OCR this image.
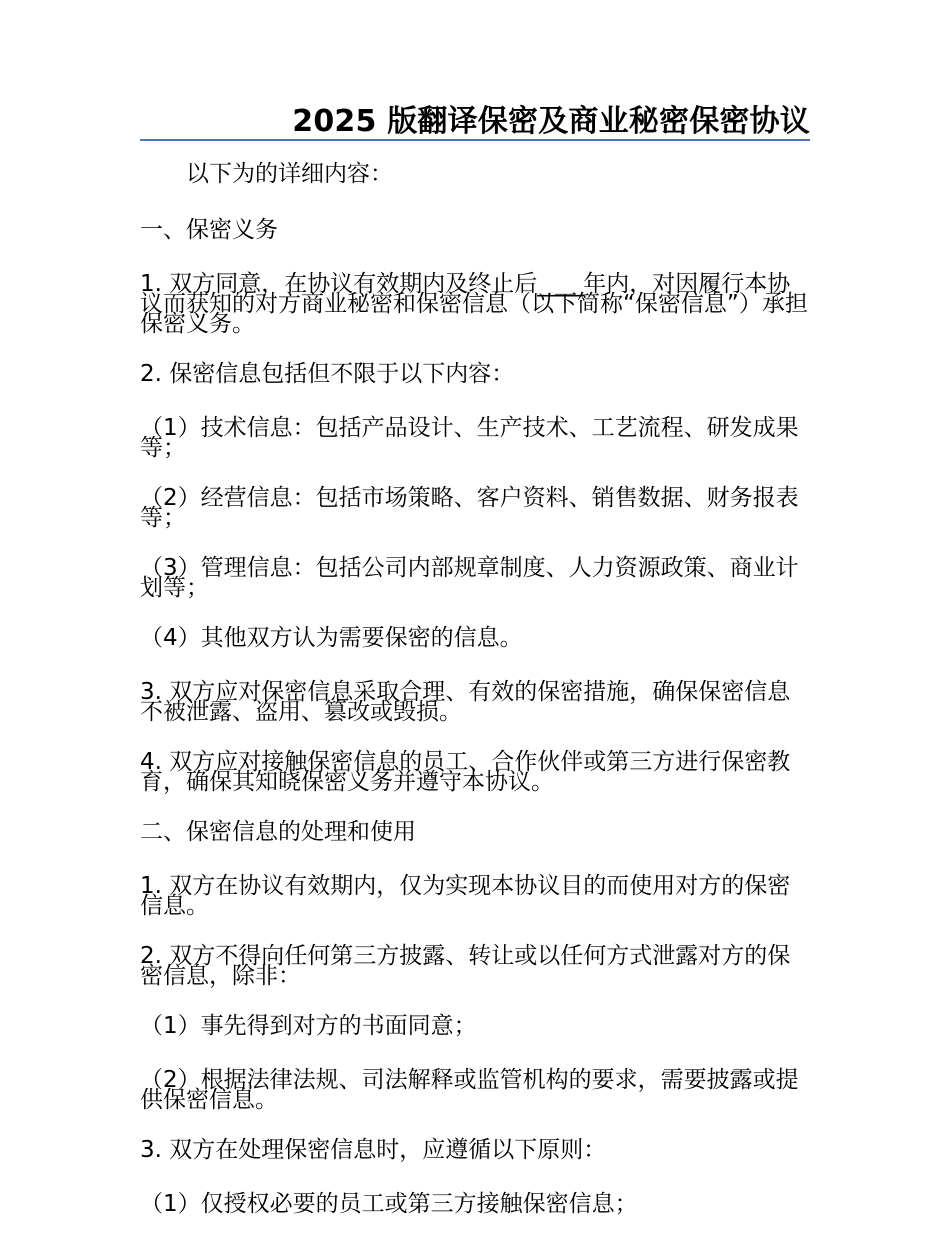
2025 版翻译保密及商业秘密保密协议
以下为的详细内容：
一、保密义务
1. 双方同意，在协议有效期内及终止后____年内，对因履行本协议而获知的对方商业秘密和保密信息（以下简称“保密信息”）承担保密义务。
2. 保密信息包括但不限于以下内容：
（1）技术信息：包括产品设计、生产技术、工艺流程、研发成果等；
（2）经营信息：包括市场策略、客户资料、销售数据、财务报表等；
（3）管理信息：包括公司内部规章制度、人力资源政策、商业计划等；
（4）其他双方认为需要保密的信息。
3. 双方应对保密信息采取合理、有效的保密措施，确保保密信息不被泄露、盗用、篡改或毁损。
4. 双方应对接触保密信息的员工、合作伙伴或第三方进行保密教育，确保其知晓保密义务并遵守本协议。
二、保密信息的处理和使用
1. 双方在协议有效期内，仅为实现本协议目的而使用对方的保密信息。
2. 双方不得向任何第三方披露、转让或以任何方式泄露对方的保密信息，除非：
（1）事先得到对方的书面同意；
（2）根据法律法规、司法解释或监管机构的要求，需要披露或提供保密信息。
3. 双方在处理保密信息时，应遵循以下原则：
（1）仅授权必要的员工或第三方接触保密信息；
